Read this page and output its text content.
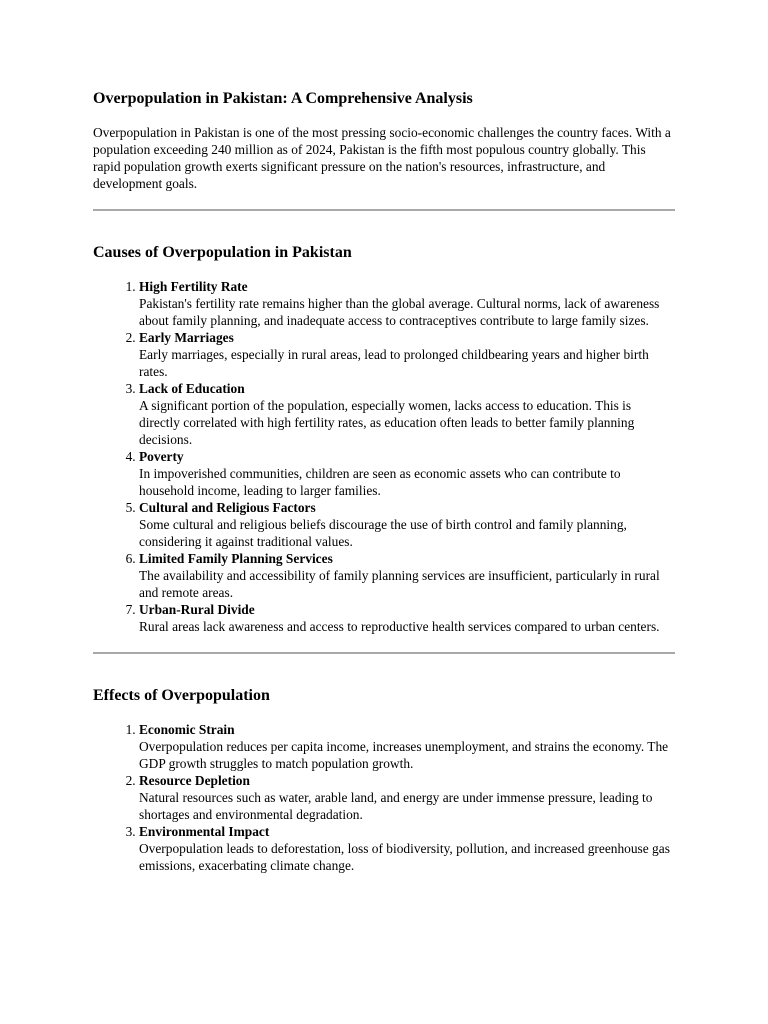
Overpopulation in Pakistan: A Comprehensive Analysis

Overpopulation in Pakistan is one of the most pressing socio-economic challenges the country faces. With a population exceeding 240 million as of 2024, Pakistan is the fifth most populous country globally. This rapid population growth exerts significant pressure on the nation's resources, infrastructure, and development goals.

Causes of Overpopulation in Pakistan
1. High Fertility Rate
Pakistan's fertility rate remains higher than the global average. Cultural norms, lack of awareness about family planning, and inadequate access to contraceptives contribute to large family sizes.
2. Early Marriages
Early marriages, especially in rural areas, lead to prolonged childbearing years and higher birth rates.
3. Lack of Education
A significant portion of the population, especially women, lacks access to education. This is directly correlated with high fertility rates, as education often leads to better family planning decisions.
4. Poverty
In impoverished communities, children are seen as economic assets who can contribute to household income, leading to larger families.
5. Cultural and Religious Factors
Some cultural and religious beliefs discourage the use of birth control and family planning, considering it against traditional values.
6. Limited Family Planning Services
The availability and accessibility of family planning services are insufficient, particularly in rural and remote areas.
7. Urban-Rural Divide
Rural areas lack awareness and access to reproductive health services compared to urban centers.
Effects of Overpopulation
1. Economic Strain
Overpopulation reduces per capita income, increases unemployment, and strains the economy. The GDP growth struggles to match population growth.
2. Resource Depletion
Natural resources such as water, arable land, and energy are under immense pressure, leading to shortages and environmental degradation.
3. Environmental Impact
Overpopulation leads to deforestation, loss of biodiversity, pollution, and increased greenhouse gas emissions, exacerbating climate change.
